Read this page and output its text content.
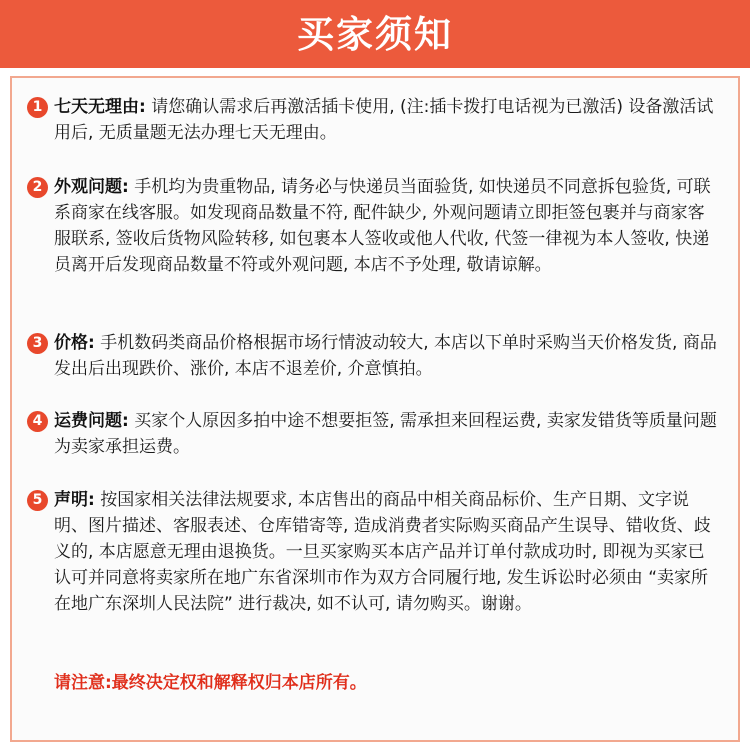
买家须知
1 七天无理由: 请您确认需求后再激活插卡使用, (注:插卡拨打电话视为已激活) 设备激活试用后, 无质量题无法办理七天无理由。
2 外观问题: 手机均为贵重物品, 请务必与快递员当面验货, 如快递员不同意拆包验货, 可联系商家在线客服。如发现商品数量不符, 配件缺少, 外观问题请立即拒签包裹并与商家客服联系, 签收后货物风险转移, 如包裹本人签收或他人代收, 代签一律视为本人签收, 快递员离开后发现商品数量不符或外观问题, 本店不予处理, 敬请谅解。
3 价格: 手机数码类商品价格根据市场行情波动较大, 本店以下单时采购当天价格发货, 商品发出后出现跌价、涨价, 本店不退差价, 介意慎拍。
4 运费问题: 买家个人原因多拍中途不想要拒签, 需承担来回程运费, 卖家发错货等质量问题为卖家承担运费。
5 声明: 按国家相关法律法规要求, 本店售出的商品中相关商品标价、生产日期、文字说明、图片描述、客服表述、仓库错寄等, 造成消费者实际购买商品产生误导、错收货、歧义的, 本店愿意无理由退换货。一旦买家购买本店产品并订单付款成功时, 即视为买家已认可并同意将卖家所在地广东省深圳市作为双方合同履行地, 发生诉讼时必须由 “卖家所在地广东深圳人民法院” 进行裁决, 如不认可, 请勿购买。谢谢。
请注意:最终决定权和解释权归本店所有。
